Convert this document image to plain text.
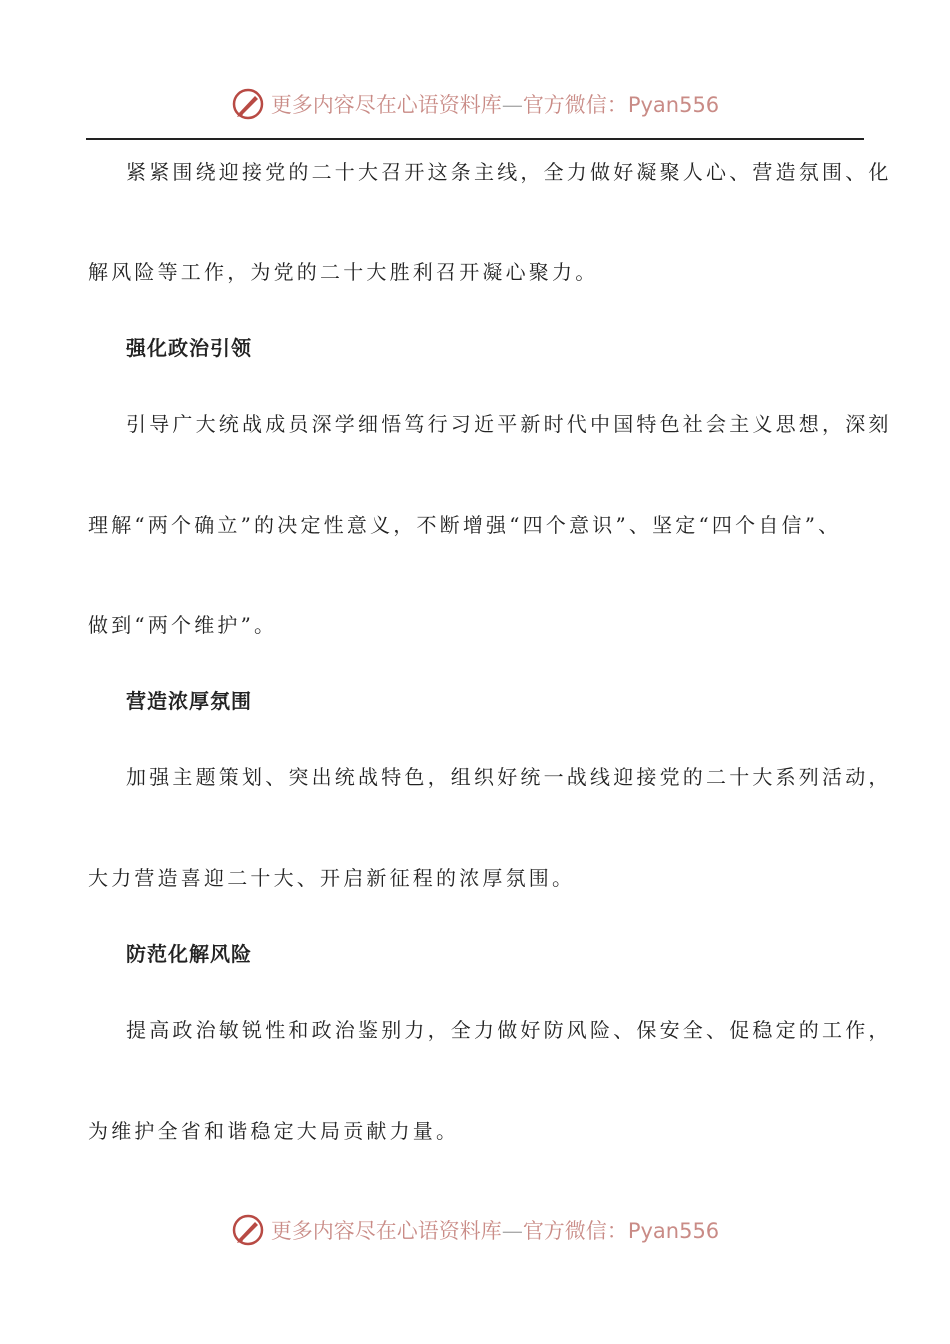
更多内容尽在心语资料库—官方微信：Pyan556
紧紧围绕迎接党的二十大召开这条主线，全力做好凝聚人心、营造氛围、化
解风险等工作，为党的二十大胜利召开凝心聚力。
强化政治引领
引导广大统战成员深学细悟笃行习近平新时代中国特色社会主义思想，深刻
理解“两个确立”的决定性意义，不断增强“四个意识”、坚定“四个自信”、
做到“两个维护”。
营造浓厚氛围
加强主题策划、突出统战特色，组织好统一战线迎接党的二十大系列活动，
大力营造喜迎二十大、开启新征程的浓厚氛围。
防范化解风险
提高政治敏锐性和政治鉴别力，全力做好防风险、保安全、促稳定的工作，
为维护全省和谐稳定大局贡献力量。
更多内容尽在心语资料库—官方微信：Pyan556
